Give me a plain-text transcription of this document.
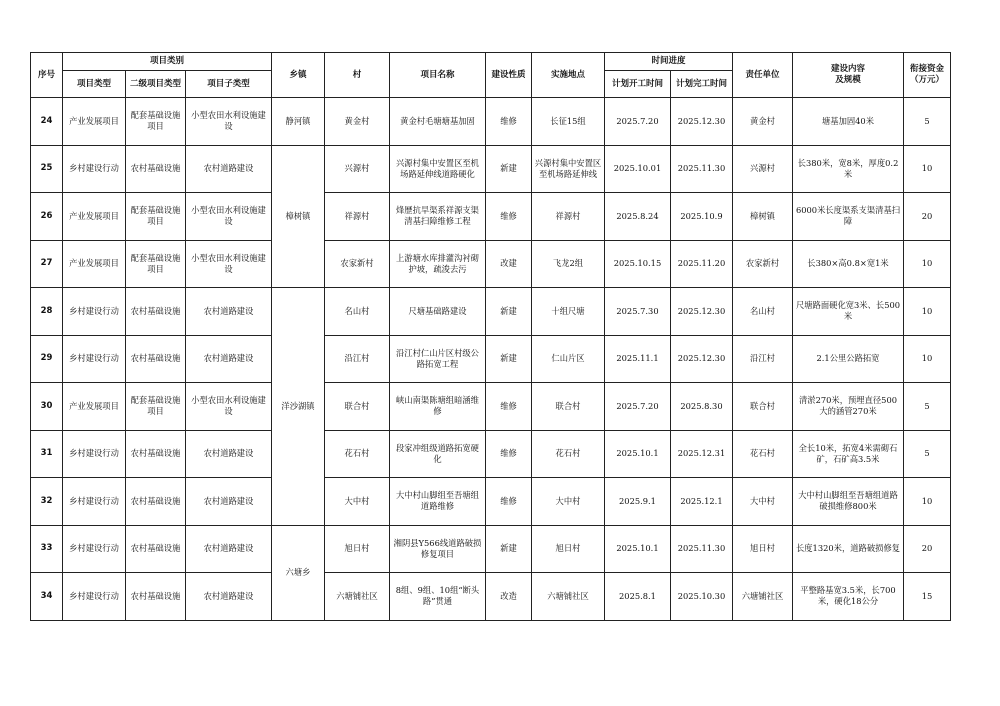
序号	项目类别			乡镇	村	项目名称	建设性质	实施地点	时间进度		责任单位	建设内容
及规模	衔接资金
（万元）
	项目类型	二级项目类型	项目子类型						计划开工时间	计划完工时间			
24	产业发展项目	配套基础设施项目	小型农田水利设施建设	静河镇	黄金村	黄金村毛塘塘基加固	维修	长征15组	2025.7.20	2025.12.30	黄金村	塘基加固40米	5
25	乡村建设行动	农村基础设施	农村道路建设	樟树镇	兴源村	兴源村集中安置区至机场路延伸线道路硬化	新建	兴源村集中安置区至机场路延伸线	2025.10.01	2025.11.30	兴源村	长380米，宽8米，厚度0.2米	10
26	产业发展项目	配套基础设施项目	小型农田水利设施建设		祥源村	烽歷抗旱渠系祥源支渠清基扫障维修工程	维修	祥源村	2025.8.24	2025.10.9	樟树镇	6000米长度渠系支渠清基扫障	20
27	产业发展项目	配套基础设施项目	小型农田水利设施建设		农家新村	上游塘水库排灌沟衬砌护坡，疏浚去污	改建	飞龙2组	2025.10.15	2025.11.20	农家新村	长380×高0.8×宽1米	10
28	乡村建设行动	农村基础设施	农村道路建设	洋沙湖镇	名山村	尺塘基础路建设	新建	十组尺塘	2025.7.30	2025.12.30	名山村	尺塘路面硬化宽3米、长500米	10
29	乡村建设行动	农村基础设施	农村道路建设		沿江村	沿江村仁山片区村级公路拓宽工程	新建	仁山片区	2025.11.1	2025.12.30	沿江村	2.1公里公路拓宽	10
30	产业发展项目	配套基础设施项目	小型农田水利设施建设		联合村	峡山南渠陈塘组暗涵维修	维修	联合村	2025.7.20	2025.8.30	联合村	清淤270米，预埋直径500大的涵管270米	5
31	乡村建设行动	农村基础设施	农村道路建设		花石村	段家冲组级道路拓宽硬化	维修	花石村	2025.10.1	2025.12.31	花石村	全长10米，拓宽4米需砌石矿，石矿高3.5米	5
32	乡村建设行动	农村基础设施	农村道路建设		大中村	大中村山脚组至吾塘组道路维修	维修	大中村	2025.9.1	2025.12.1	大中村	大中村山脚组至吾塘组道路破损维修800米	10
33	乡村建设行动	农村基础设施	农村道路建设	六塘乡	旭日村	湘阴县Y566线道路破损修复项目	新建	旭日村	2025.10.1	2025.11.30	旭日村	长度1320米，道路破损修复	20
34	乡村建设行动	农村基础设施	农村道路建设		六塘铺社区	8组、9组、10组“断头路”贯通	改造	六塘铺社区	2025.8.1	2025.10.30	六塘铺社区	平整路基宽3.5米，长700米，硬化18公分	15
